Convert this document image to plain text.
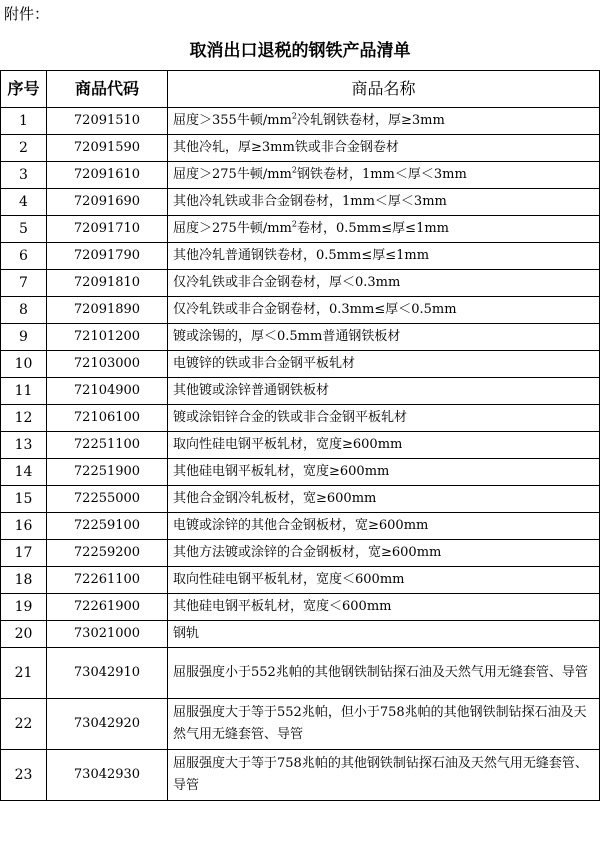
附件：
取消出口退税的钢铁产品清单
序号	商品代码	商品名称
1	72091510	屈度＞355牛顿$/mm^2$冷轧钢铁卷材，厚≥3mm
2	72091590	其他冷轧，厚≥3mm铁或非合金钢卷材
3	72091610	屈度＞275牛顿$/mm^2$钢铁卷材，1mm＜厚＜3mm
4	72091690	其他冷轧铁或非合金钢卷材，1mm＜厚＜3mm
5	72091710	屈度＞275牛顿$/mm^2$卷材，0.5mm≤厚≤1mm
6	72091790	其他冷轧普通钢铁卷材，0.5mm≤厚≤1mm
7	72091810	仅冷轧铁或非合金钢卷材，厚＜0.3mm
8	72091890	仅冷轧铁或非合金钢卷材，0.3mm≤厚＜0.5mm
9	72101200	镀或涂锡的，厚＜0.5mm普通钢铁板材
10	72103000	电镀锌的铁或非合金钢平板轧材
11	72104900	其他镀或涂锌普通钢铁板材
12	72106100	镀或涂铝锌合金的铁或非合金钢平板轧材
13	72251100	取向性硅电钢平板轧材，宽度≥600mm
14	72251900	其他硅电钢平板轧材，宽度≥600mm
15	72255000	其他合金钢冷轧板材，宽≥600mm
16	72259100	电镀或涂锌的其他合金钢板材，宽≥600mm
17	72259200	其他方法镀或涂锌的合金钢板材，宽≥600mm
18	72261100	取向性硅电钢平板轧材，宽度＜600mm
19	72261900	其他硅电钢平板轧材，宽度＜600mm
20	73021000	钢轨
21	73042910	屈服强度小于552兆帕的其他钢铁制钻探石油及天然气用无缝套管、导管
22	73042920	屈服强度大于等于552兆帕，但小于758兆帕的其他钢铁制钻探石油及天然气用无缝套管、导管
23	73042930	屈服强度大于等于758兆帕的其他钢铁制钻探石油及天然气用无缝套管、导管
